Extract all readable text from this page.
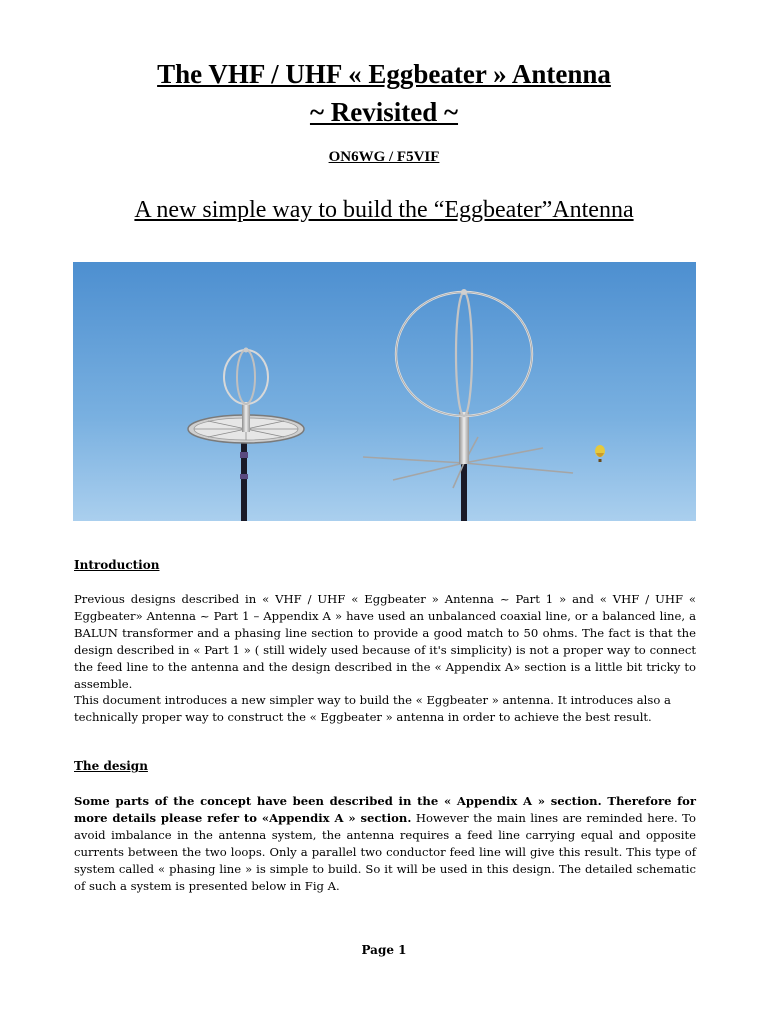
The VHF / UHF « Eggbeater » Antenna
~ Revisited ~
ON6WG / F5VIF
A new simple way to build the “Eggbeater”Antenna
Introduction

Previous designs described in « VHF / UHF « Eggbeater » Antenna ~ Part 1 » and « VHF / UHF « Eggbeater» Antenna ~ Part 1 – Appendix A » have used an unbalanced coaxial line, or a balanced line, a BALUN transformer and a phasing line section to provide a good match to 50 ohms. The fact is that the design described in « Part 1 » ( still widely used because of it's simplicity) is not a proper way to connect the feed line to the antenna and the design described in the « Appendix A» section is a little bit tricky to assemble.

This document introduces a new simpler way to build the « Eggbeater » antenna. It introduces also a technically proper way to construct the « Eggbeater » antenna in order to achieve the best result.

The design

Some parts of the concept have been described in the « Appendix A » section. Therefore for more details please refer to «Appendix A » section. However the main lines are reminded here. To avoid imbalance in the antenna system, the antenna requires a feed line carrying equal and opposite currents between the two loops. Only a parallel two conductor feed line will give this result. This type of system called « phasing line » is simple to build. So it will be used in this design. The detailed schematic of such a system is presented below in Fig A.

Page 1
